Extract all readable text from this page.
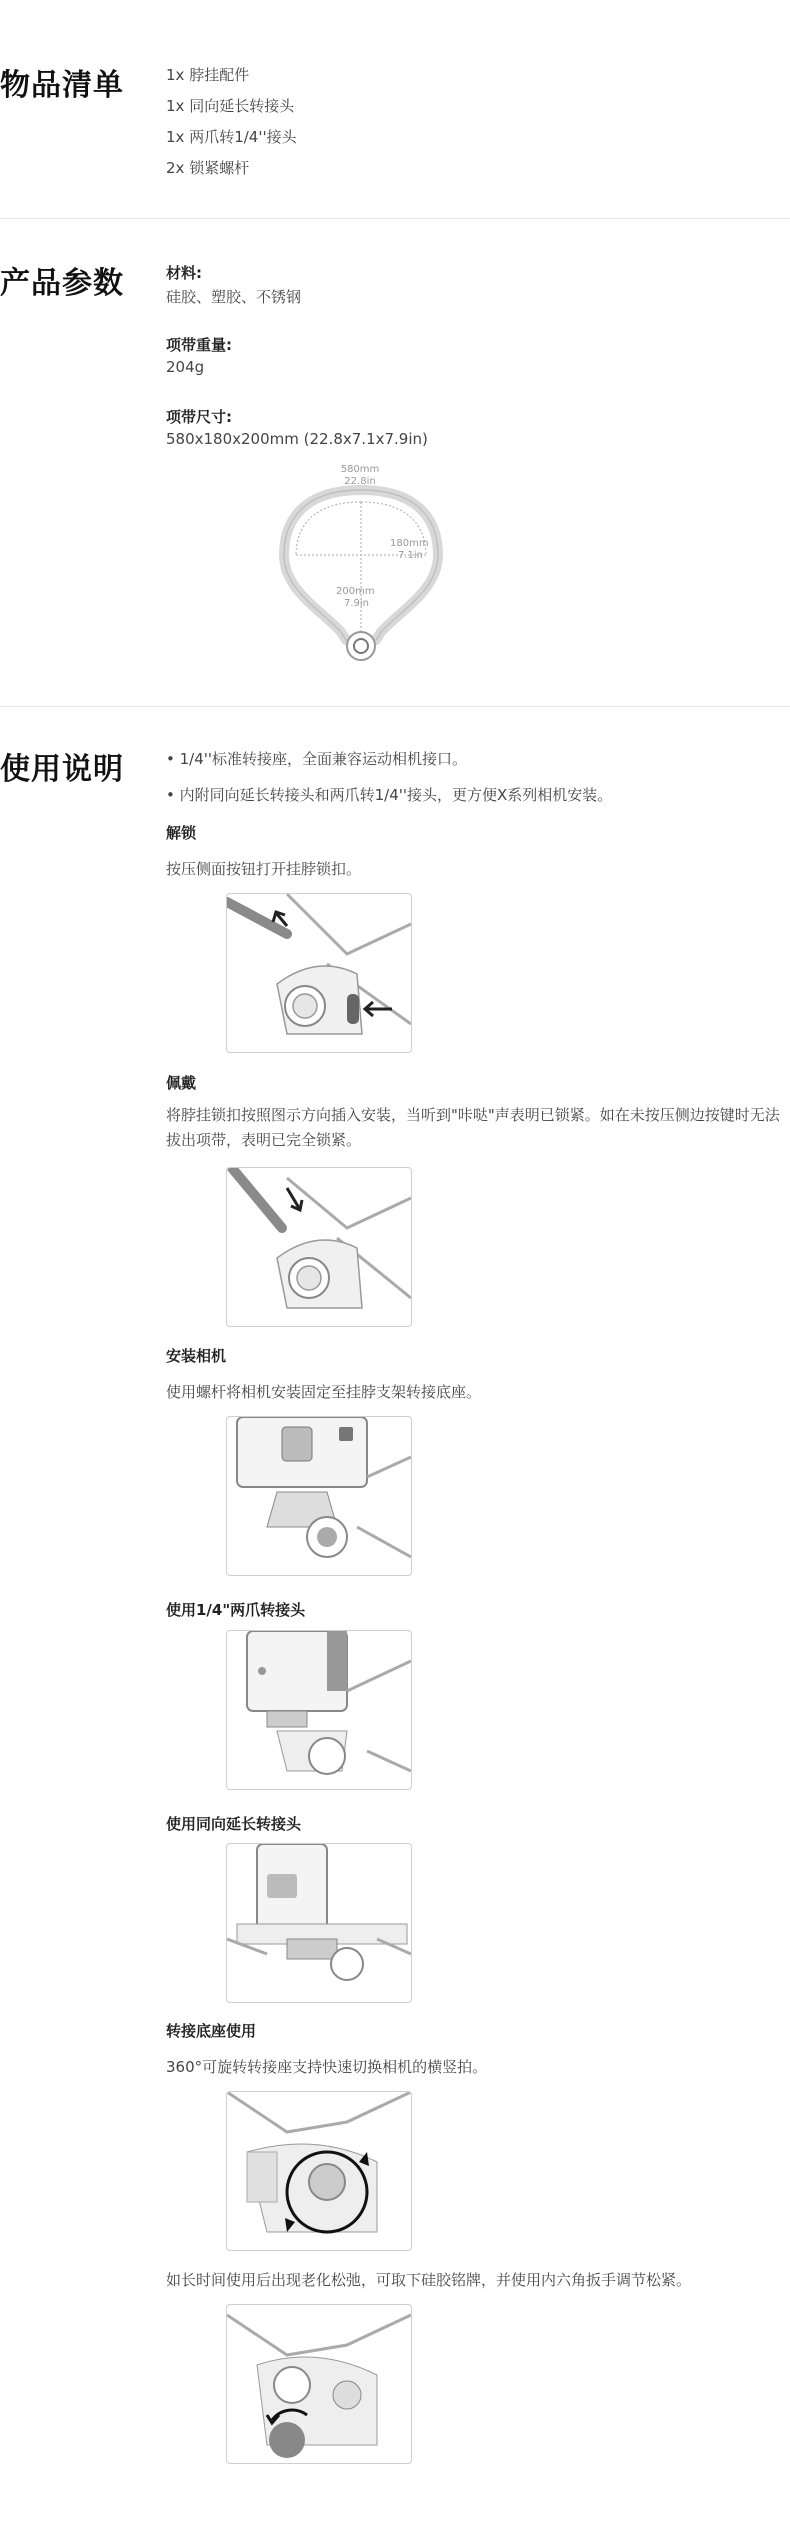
物品清单	1x 脖挂配件
1x 同向延长转接头
1x 两爪转1/4''接头
2x 锁紧螺杆
产品参数	材料:
硅胶、塑胶、不锈钢
项带重量:
204g
项带尺寸:
580x180x200mm (22.8x7.1x7.9in)
580mm
22.8in
180mm
7.1in
200mm
7.9in
使用说明	• 1/4''标准转接座，全面兼容运动相机接口。
• 内附同向延长转接头和两爪转1/4''接头，更方便X系列相机安装。
解锁
按压侧面按钮打开挂脖锁扣。
佩戴
将脖挂锁扣按照图示方向插入安装，当听到"咔哒"声表明已锁紧。如在未按压侧边按键时无法拔出项带，表明已完全锁紧。
安装相机
使用螺杆将相机安装固定至挂脖支架转接底座。
使用1/4"两爪转接头
使用同向延长转接头
转接底座使用
360°可旋转转接座支持快速切换相机的横竖拍。
如长时间使用后出现老化松弛，可取下硅胶铭牌，并使用内六角扳手调节松紧。
